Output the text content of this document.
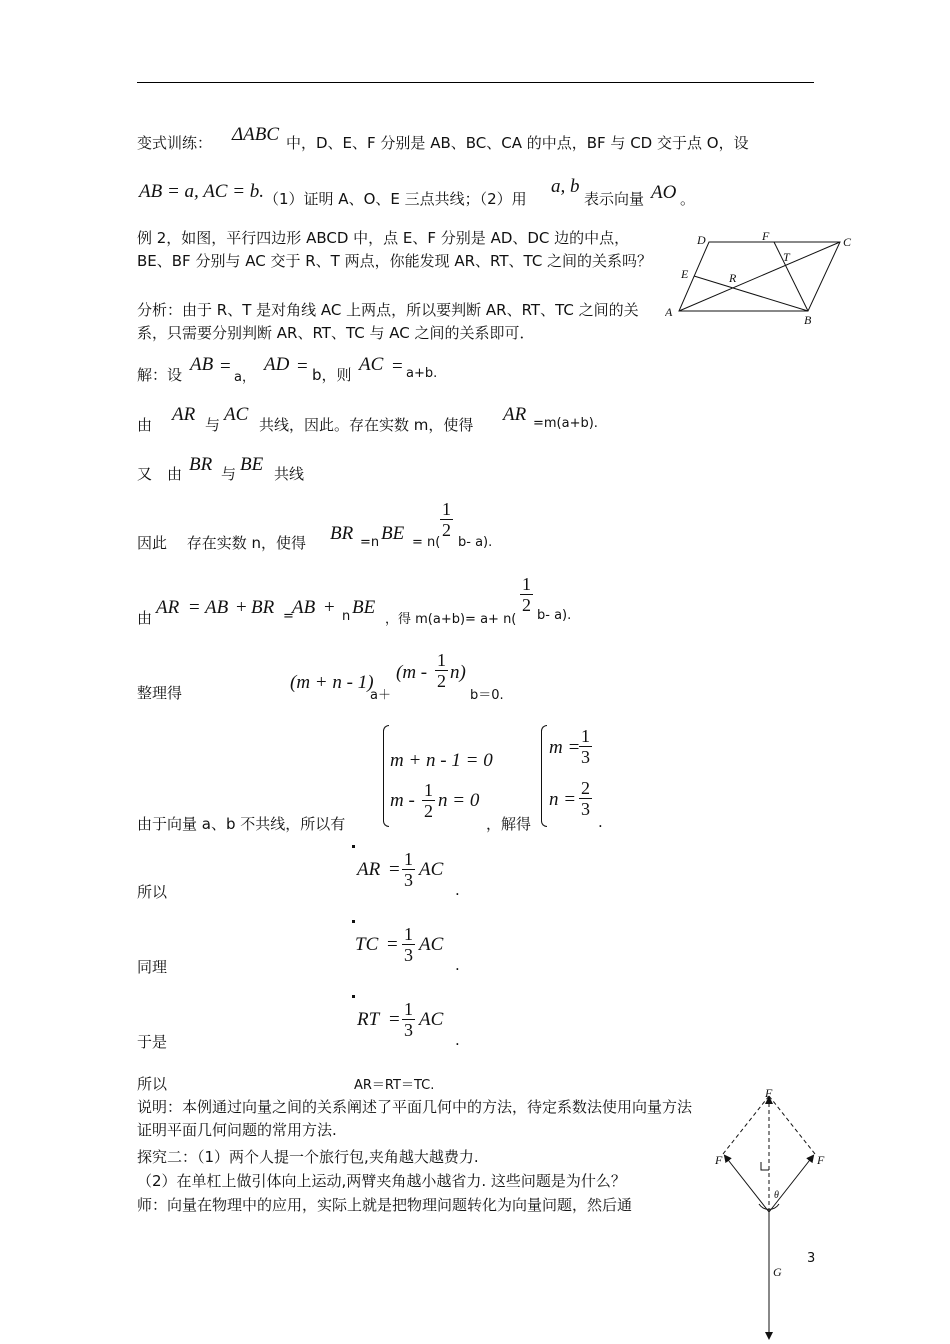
变式训练： ΔABC 中，D、E、F 分别是 AB、BC、CA 的中点，BF 与 CD 交于点 O，设
AB = a, AC = b. （1）证明 A、O、E 三点共线；（2）用
a, b
表示向量 AO 。
例 2，如图，平行四边形 ABCD 中，点 E、F 分别是 AD、DC 边的中点，BE、BF 分别与 AC 交于 R、T 两点，你能发现 AR、RT、TC 之间的关系吗？
分析：由于 R、T 是对角线 AC 上两点，所以要判断 AR、RT、TC 之间的关系，只需要分别判断 AR、RT、TC 与 AC 之间的关系即可．
D	F	C
E
T
R
A
B
解：设 AB =
a，
AD = b，则 AC = a+b.
由 AR 与 AC 共线，因此。存在实数 m，使得 AR =m(a+b).
又　由 BR 与 BE 共线
因此　 存在实数 n，使得 BR =n BE = n(
$\frac{1}{2}$
b- a).
由 AR = AB + BR =
AB + n BE
，得 m(a+b)= a+ n(
$\frac{1}{2}$
b- a).
整理得	(m + n - 1)
a＋
$(m - \frac{1}{2} n)$
b＝0.
由于向量 a、b 不共线，所以有
m + n - 1 = 0
m - $\frac{1}{2}$ n = 0
，解得
m =
$\frac{1}{3}$
$n = \frac{2}{3}$
.
所以
AR = $\frac{1}{3}$ AC
.
同理
TC = $\frac{1}{3}$ AC
.
于是
RT = $\frac{1}{3}$ AC
.
所以	AR＝RT＝TC.
说明：本例通过向量之间的关系阐述了平面几何中的方法，待定系数法使用向量方法证明平面几何问题的常用方法.
探究二：（1）两个人提一个旅行包,夹角越大越费力.
（2）在单杠上做引体向上运动,两臂夹角越小越省力. 这些问题是为什么？
师：向量在物理中的应用，实际上就是把物理问题转化为向量问题，然后通
F
F	F
θ
G
3
